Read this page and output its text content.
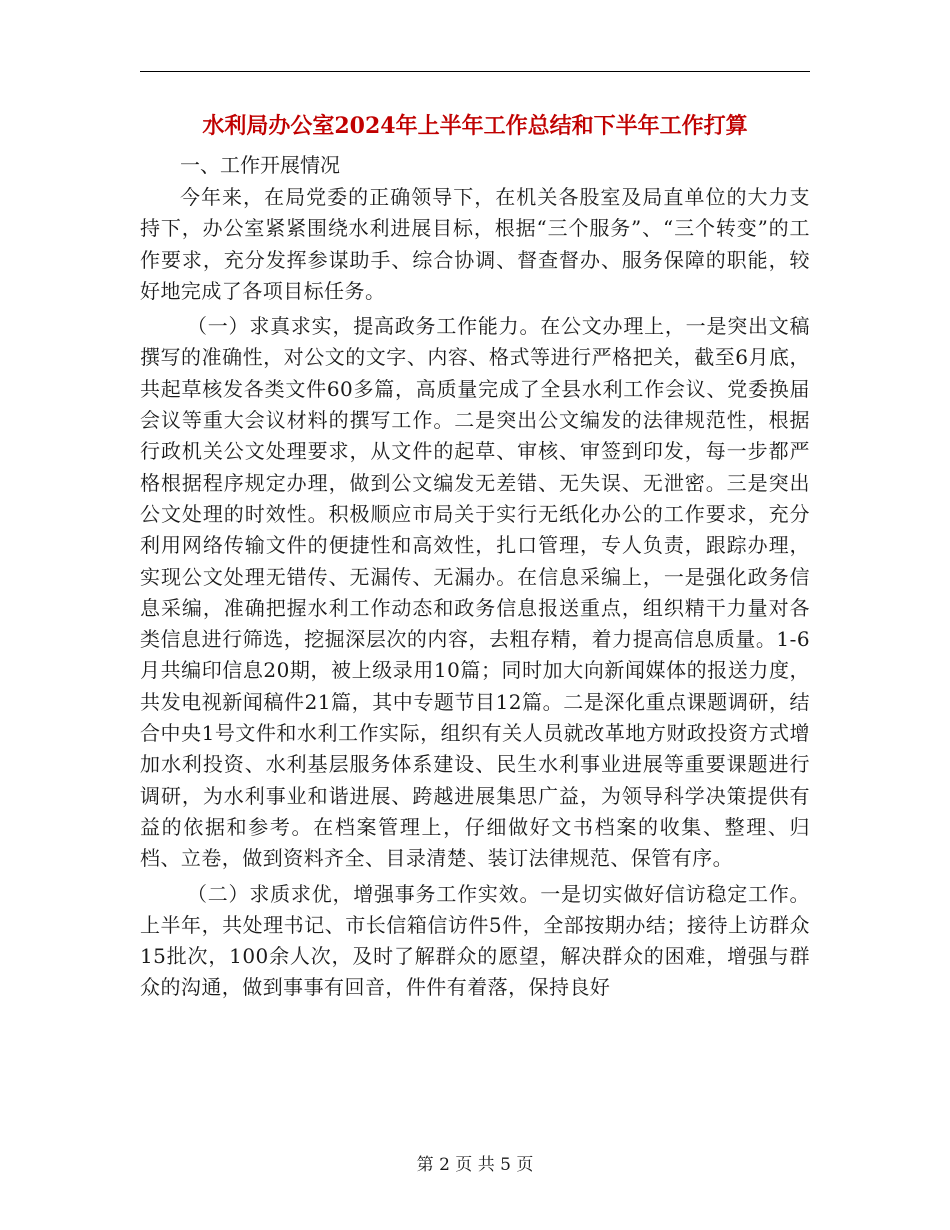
水利局办公室2024年上半年工作总结和下半年工作打算

一、工作开展情况

今年来，在局党委的正确领导下，在机关各股室及局直单位的大力支持下，办公室紧紧围绕水利进展目标，根据“三个服务”、“三个转变”的工作要求，充分发挥参谋助手、综合协调、督查督办、服务保障的职能，较好地完成了各项目标任务。

（一）求真求实，提高政务工作能力。在公文办理上，一是突出文稿撰写的准确性，对公文的文字、内容、格式等进行严格把关，截至6月底，共起草核发各类文件60多篇，高质量完成了全县水利工作会议、党委换届会议等重大会议材料的撰写工作。二是突出公文编发的法律规范性，根据行政机关公文处理要求，从文件的起草、审核、审签到印发，每一步都严格根据程序规定办理，做到公文编发无差错、无失误、无泄密。三是突出公文处理的时效性。积极顺应市局关于实行无纸化办公的工作要求，充分利用网络传输文件的便捷性和高效性，扎口管理，专人负责，跟踪办理，实现公文处理无错传、无漏传、无漏办。在信息采编上，一是强化政务信息采编，准确把握水利工作动态和政务信息报送重点，组织精干力量对各类信息进行筛选，挖掘深层次的内容，去粗存精，着力提高信息质量。1-6月共编印信息20期，被上级录用10篇；同时加大向新闻媒体的报送力度，共发电视新闻稿件21篇，其中专题节目12篇。二是深化重点课题调研，结合中央1号文件和水利工作实际，组织有关人员就改革地方财政投资方式增加水利投资、水利基层服务体系建设、民生水利事业进展等重要课题进行调研，为水利事业和谐进展、跨越进展集思广益，为领导科学决策提供有益的依据和参考。在档案管理上，仔细做好文书档案的收集、整理、归档、立卷，做到资料齐全、目录清楚、装订法律规范、保管有序。

（二）求质求优，增强事务工作实效。一是切实做好信访稳定工作。上半年，共处理书记、市长信箱信访件5件，全部按期办结；接待上访群众15批次，100余人次，及时了解群众的愿望，解决群众的困难，增强与群众的沟通，做到事事有回音，件件有着落，保持良好

第 2 页 共 5 页
